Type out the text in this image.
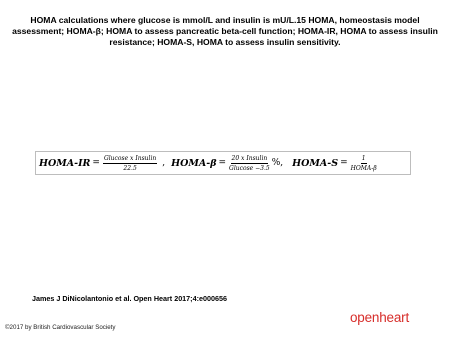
HOMA calculations where glucose is mmol/L and insulin is mU/L.15 HOMA, homeostasis model assessment; HOMA-β; HOMA to assess pancreatic beta-cell function; HOMA-IR, HOMA to assess insulin resistance; HOMA-S, HOMA to assess insulin sensitivity.
HOMA-IR = $\frac{\text{Glucose x Insulin}}{22.5}$ , HOMA-β = $\frac{\text{20 x Insulin}}{\text{Glucose −3.5}}$ %, HOMA-S = $\frac{1}{\text{HOMA-β}}$
James J DiNicolantonio et al. Open Heart 2017;4:e000656
©2017 by British Cardiovascular Society
openheart
